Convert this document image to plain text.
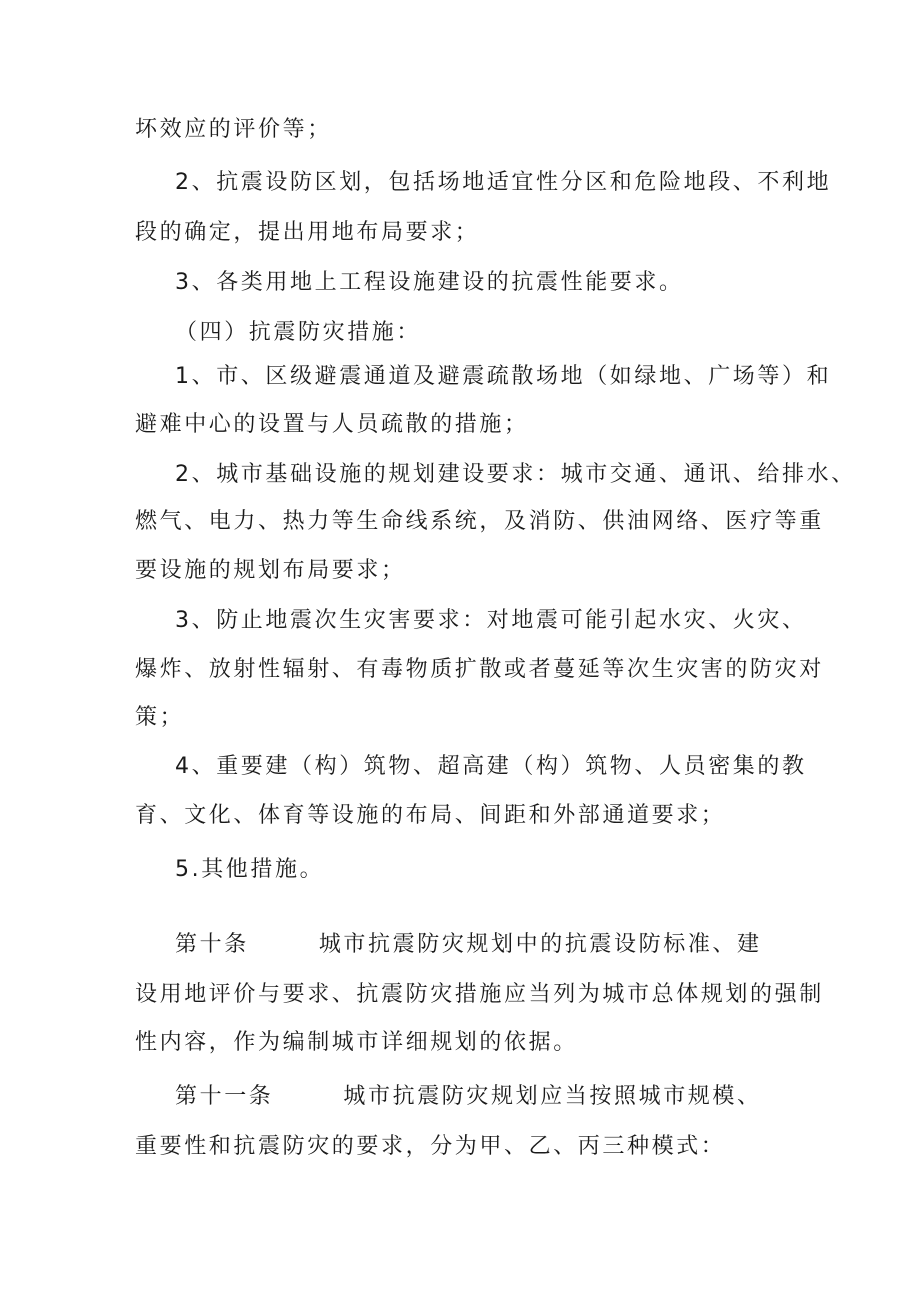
坏效应的评价等；
2、抗震设防区划，包括场地适宜性分区和危险地段、不利地
段的确定，提出用地布局要求；
3、各类用地上工程设施建设的抗震性能要求。
（四）抗震防灾措施：
1、市、区级避震通道及避震疏散场地（如绿地、广场等）和
避难中心的设置与人员疏散的措施；
2、城市基础设施的规划建设要求：城市交通、通讯、给排水、
燃气、电力、热力等生命线系统，及消防、供油网络、医疗等重
要设施的规划布局要求；
3、防止地震次生灾害要求：对地震可能引起水灾、火灾、
爆炸、放射性辐射、有毒物质扩散或者蔓延等次生灾害的防灾对
策；
4、重要建（构）筑物、超高建（构）筑物、人员密集的教
育、文化、体育等设施的布局、间距和外部通道要求；
5.其他措施。
第十条	城市抗震防灾规划中的抗震设防标准、建
设用地评价与要求、抗震防灾措施应当列为城市总体规划的强制
性内容，作为编制城市详细规划的依据。
第十一条	城市抗震防灾规划应当按照城市规模、
重要性和抗震防灾的要求，分为甲、乙、丙三种模式：
